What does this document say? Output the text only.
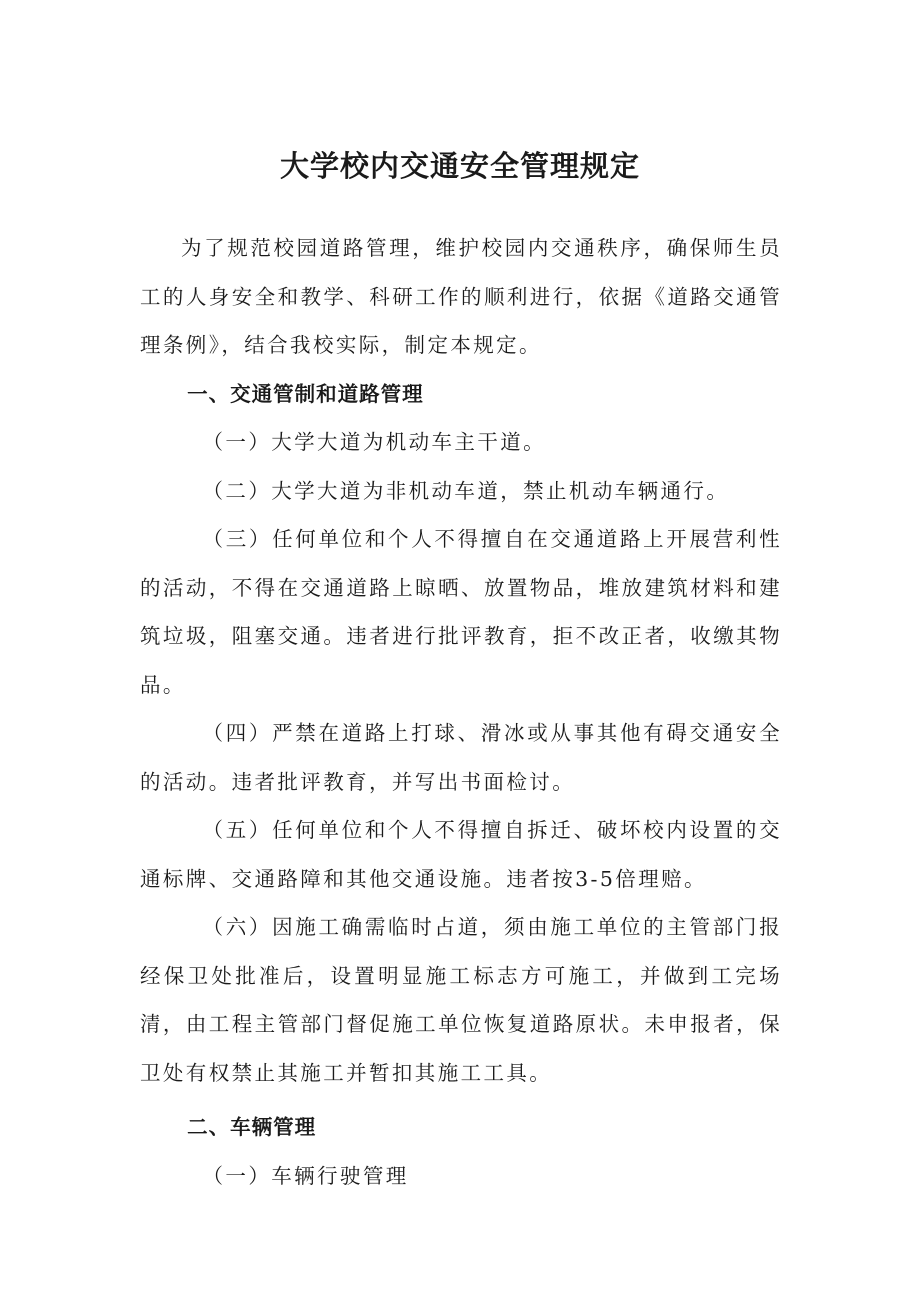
大学校内交通安全管理规定

为了规范校园道路管理，维护校园内交通秩序，确保师生员工的人身安全和教学、科研工作的顺利进行，依据《道路交通管理条例》，结合我校实际，制定本规定。

一、交通管制和道路管理

（一）大学大道为机动车主干道。

（二）大学大道为非机动车道，禁止机动车辆通行。

（三）任何单位和个人不得擅自在交通道路上开展营利性的活动，不得在交通道路上晾晒、放置物品，堆放建筑材料和建筑垃圾，阻塞交通。违者进行批评教育，拒不改正者，收缴其物品。

（四）严禁在道路上打球、滑冰或从事其他有碍交通安全的活动。违者批评教育，并写出书面检讨。

（五）任何单位和个人不得擅自拆迁、破坏校内设置的交通标牌、交通路障和其他交通设施。违者按3-5倍理赔。

（六）因施工确需临时占道，须由施工单位的主管部门报经保卫处批准后，设置明显施工标志方可施工，并做到工完场清，由工程主管部门督促施工单位恢复道路原状。未申报者，保卫处有权禁止其施工并暂扣其施工工具。

二、车辆管理

（一）车辆行驶管理
